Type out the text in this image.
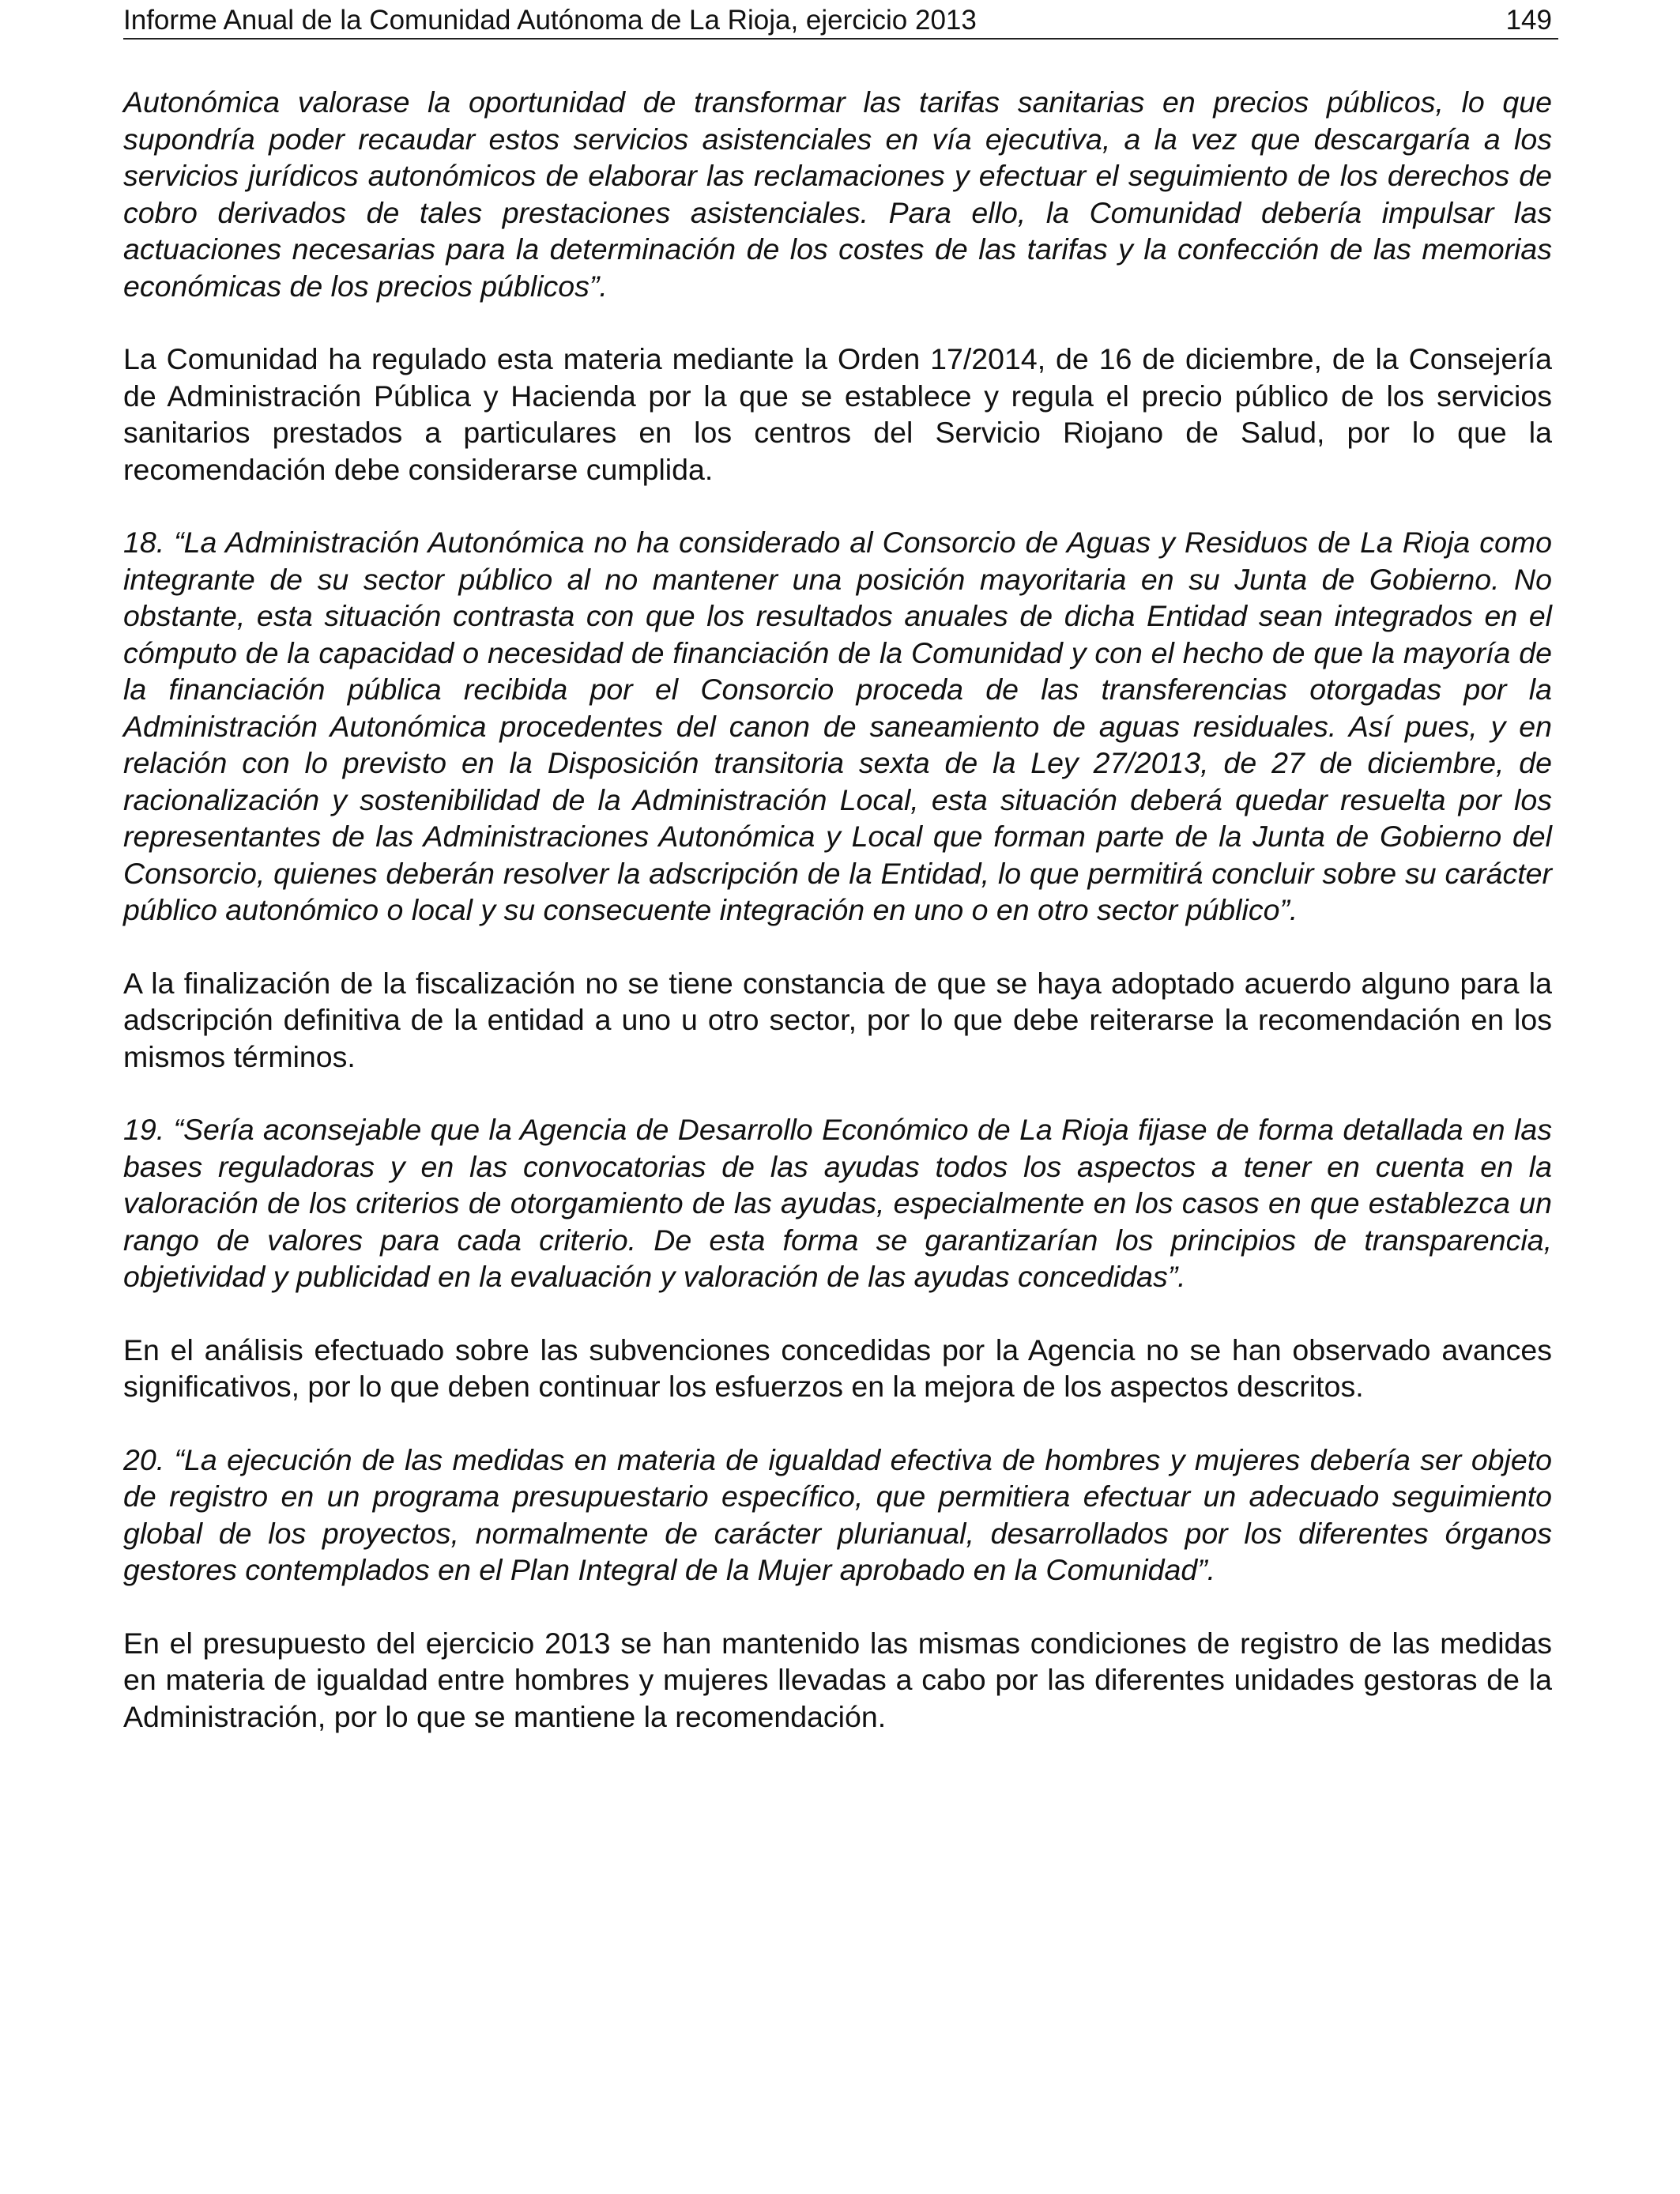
Informe Anual de la Comunidad Autónoma de La Rioja, ejercicio 2013	149

Autonómica valorase la oportunidad de transformar las tarifas sanitarias en precios públicos, lo que supondría poder recaudar estos servicios asistenciales en vía ejecutiva, a la vez que descargaría a los servicios jurídicos autonómicos de elaborar las reclamaciones y efectuar el seguimiento de los derechos de cobro derivados de tales prestaciones asistenciales. Para ello, la Comunidad debería impulsar las actuaciones necesarias para la determinación de los costes de las tarifas y la confección de las memorias económicas de los precios públicos”.

La Comunidad ha regulado esta materia mediante la Orden 17/2014, de 16 de diciembre, de la Consejería de Administración Pública y Hacienda por la que se establece y regula el precio público de los servicios sanitarios prestados a particulares en los centros del Servicio Riojano de Salud, por lo que la recomendación debe considerarse cumplida.

18. “La Administración Autonómica no ha considerado al Consorcio de Aguas y Residuos de La Rioja como integrante de su sector público al no mantener una posición mayoritaria en su Junta de Gobierno. No obstante, esta situación contrasta con que los resultados anuales de dicha Entidad sean integrados en el cómputo de la capacidad o necesidad de financiación de la Comunidad y con el hecho de que la mayoría de la financiación pública recibida por el Consorcio proceda de las transferencias otorgadas por la Administración Autonómica procedentes del canon de saneamiento de aguas residuales. Así pues, y en relación con lo previsto en la Disposición transitoria sexta de la Ley 27/2013, de 27 de diciembre, de racionalización y sostenibilidad de la Administración Local, esta situación deberá quedar resuelta por los representantes de las Administraciones Autonómica y Local que forman parte de la Junta de Gobierno del Consorcio, quienes deberán resolver la adscripción de la Entidad, lo que permitirá concluir sobre su carácter público autonómico o local y su consecuente integración en uno o en otro sector público”.

A la finalización de la fiscalización no se tiene constancia de que se haya adoptado acuerdo alguno para la adscripción definitiva de la entidad a uno u otro sector, por lo que debe reiterarse la recomendación en los mismos términos.

19. “Sería aconsejable que la Agencia de Desarrollo Económico de La Rioja fijase de forma detallada en las bases reguladoras y en las convocatorias de las ayudas todos los aspectos a tener en cuenta en la valoración de los criterios de otorgamiento de las ayudas, especialmente en los casos en que establezca un rango de valores para cada criterio. De esta forma se garantizarían los principios de transparencia, objetividad y publicidad en la evaluación y valoración de las ayudas concedidas”.

En el análisis efectuado sobre las subvenciones concedidas por la Agencia no se han observado avances significativos, por lo que deben continuar los esfuerzos en la mejora de los aspectos descritos.

20. “La ejecución de las medidas en materia de igualdad efectiva de hombres y mujeres debería ser objeto de registro en un programa presupuestario específico, que permitiera efectuar un adecuado seguimiento global de los proyectos, normalmente de carácter plurianual, desarrollados por los diferentes órganos gestores contemplados en el Plan Integral de la Mujer aprobado en la Comunidad”.

En el presupuesto del ejercicio 2013 se han mantenido las mismas condiciones de registro de las medidas en materia de igualdad entre hombres y mujeres llevadas a cabo por las diferentes unidades gestoras de la Administración, por lo que se mantiene la recomendación.
